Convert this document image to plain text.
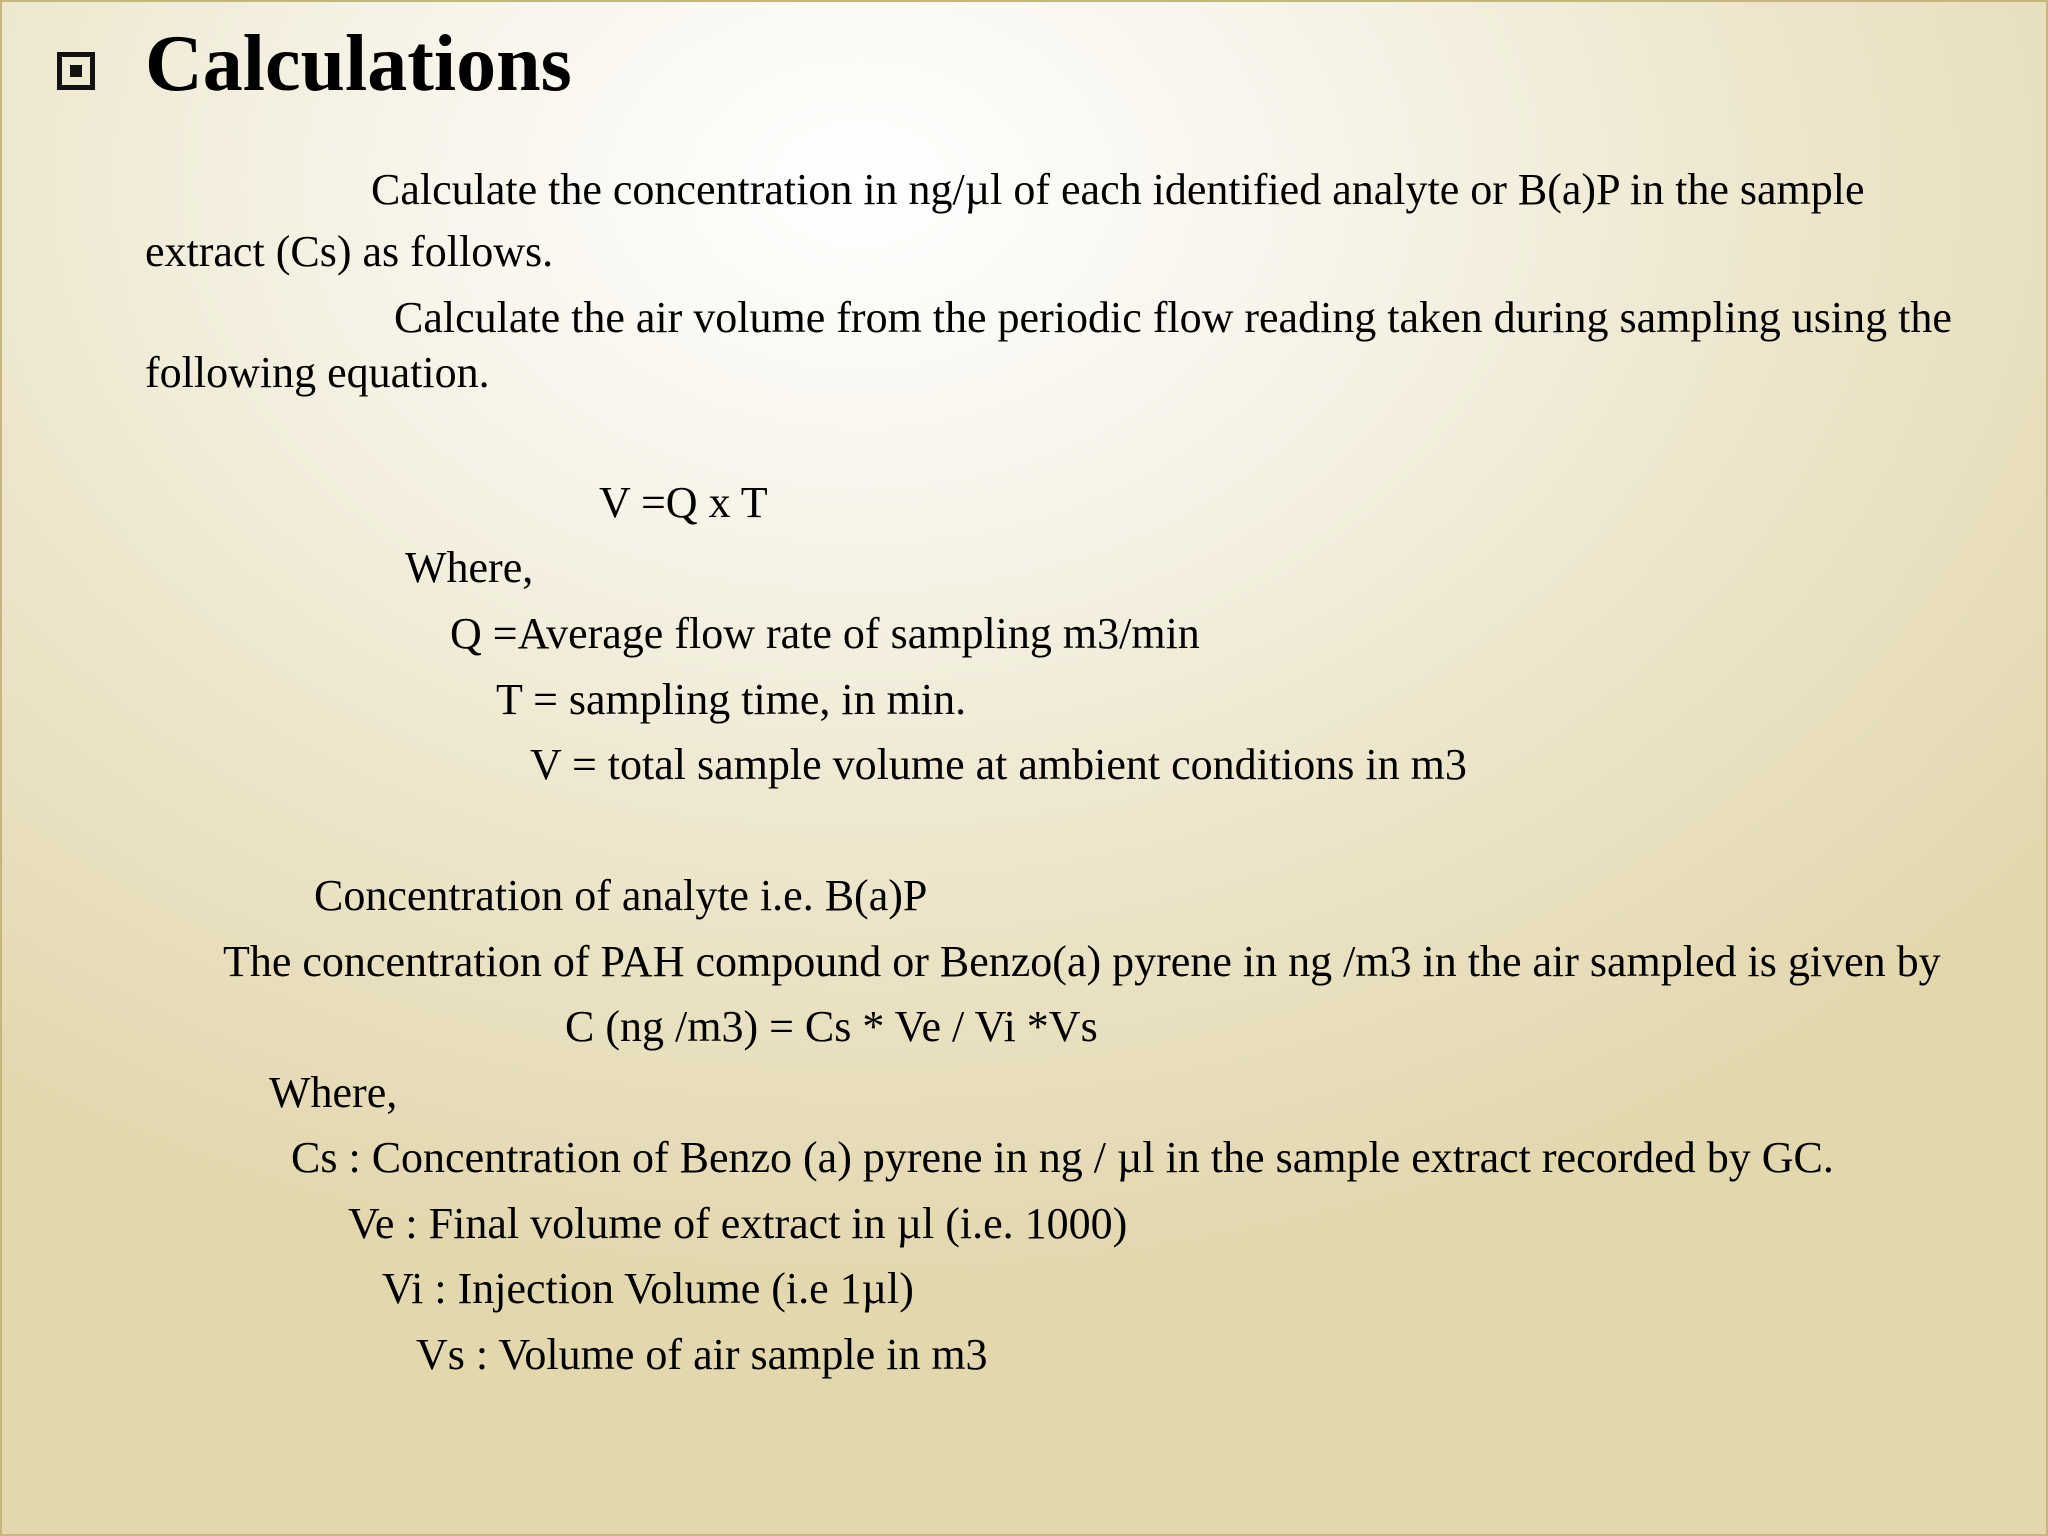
Calculations
Calculate the concentration in ng/µl of each identified analyte or B(a)P in the sample
extract (Cs) as follows.
Calculate the air volume from the periodic flow reading taken during sampling using the
following equation.
V =Q x T
Where,
Q =Average flow rate of sampling m3/min
T = sampling time, in min.
V = total sample volume at ambient conditions in m3
Concentration of analyte i.e. B(a)P
The concentration of PAH compound or Benzo(a) pyrene in ng /m3 in the air sampled is given by
C (ng /m3) = Cs * Ve / Vi *Vs
Where,
Cs : Concentration of Benzo (a) pyrene in ng / µl in the sample extract recorded by GC.
Ve : Final volume of extract in µl (i.e. 1000)
Vi : Injection Volume (i.e 1µl)
Vs : Volume of air sample in m3
